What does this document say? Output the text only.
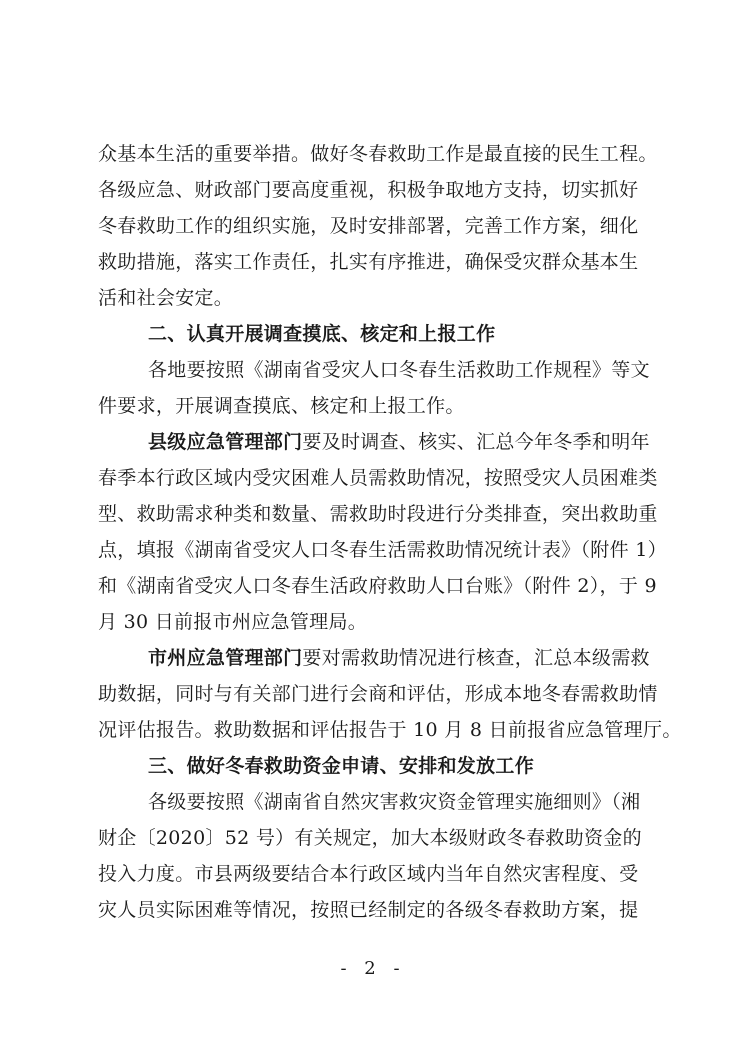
众基本生活的重要举措。做好冬春救助工作是最直接的民生工程。
各级应急、财政部门要高度重视，积极争取地方支持，切实抓好
冬春救助工作的组织实施，及时安排部署，完善工作方案，细化
救助措施，落实工作责任，扎实有序推进，确保受灾群众基本生
活和社会安定。
二、认真开展调查摸底、核定和上报工作
各地要按照《湖南省受灾人口冬春生活救助工作规程》等文
件要求，开展调查摸底、核定和上报工作。
县级应急管理部门要及时调查、核实、汇总今年冬季和明年
春季本行政区域内受灾困难人员需救助情况，按照受灾人员困难类
型、救助需求种类和数量、需救助时段进行分类排查，突出救助重
点，填报《湖南省受灾人口冬春生活需救助情况统计表》（附件 1）
和《湖南省受灾人口冬春生活政府救助人口台账》（附件 2），于 9
月 30 日前报市州应急管理局。
市州应急管理部门要对需救助情况进行核查，汇总本级需救
助数据，同时与有关部门进行会商和评估，形成本地冬春需救助情
况评估报告。救助数据和评估报告于 10 月 8 日前报省应急管理厅。
三、做好冬春救助资金申请、安排和发放工作
各级要按照《湖南省自然灾害救灾资金管理实施细则》（湘
财企〔2020〕52 号）有关规定，加大本级财政冬春救助资金的
投入力度。市县两级要结合本行政区域内当年自然灾害程度、受
灾人员实际困难等情况，按照已经制定的各级冬春救助方案，提
- 2 -
